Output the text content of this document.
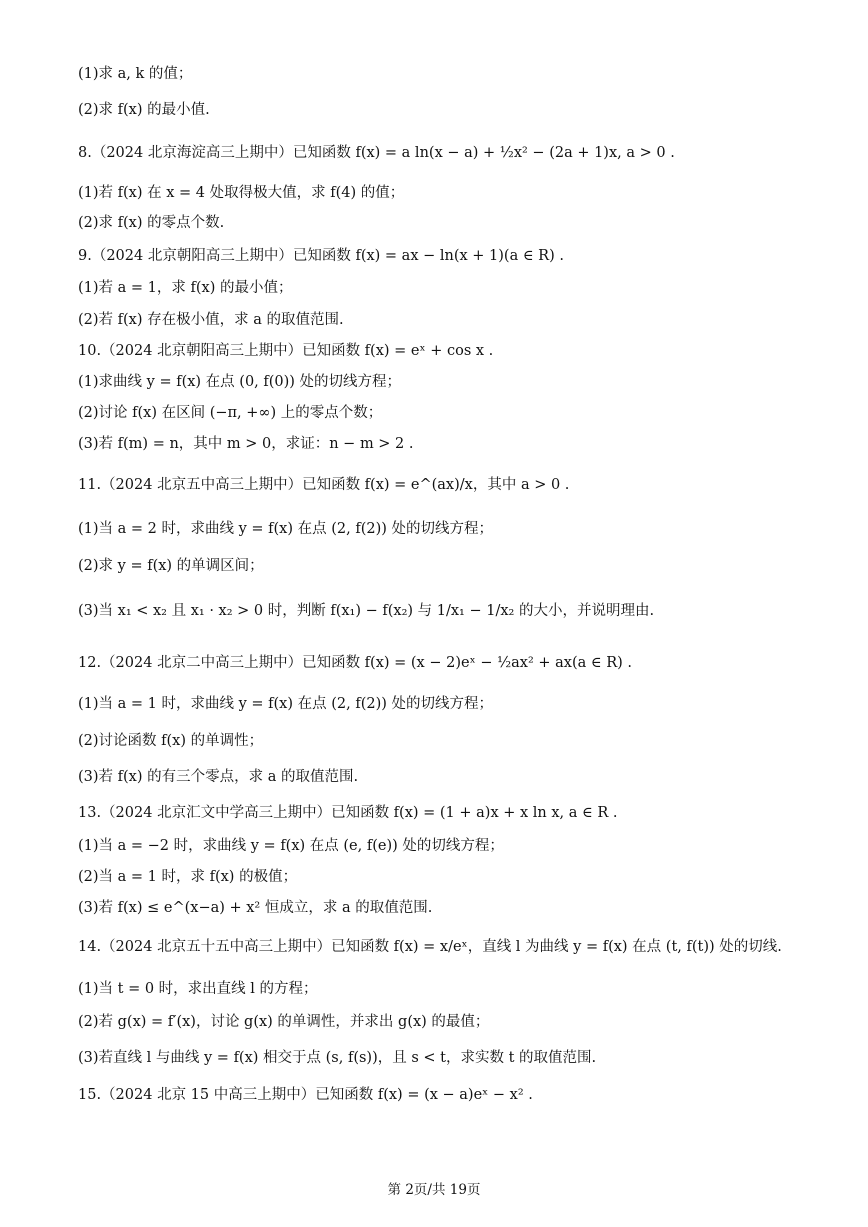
(1)求 a, k 的值；
(2)求 f(x) 的最小值.
8.（2024 北京海淀高三上期中）已知函数 f(x) = a ln(x − a) + ½x² − (2a + 1)x, a > 0 .
(1)若 f(x) 在 x = 4 处取得极大值，求 f(4) 的值；
(2)求 f(x) 的零点个数.
9.（2024 北京朝阳高三上期中）已知函数 f(x) = ax − ln(x + 1)(a ∈ R) .
(1)若 a = 1，求 f(x) 的最小值；
(2)若 f(x) 存在极小值，求 a 的取值范围.
10.（2024 北京朝阳高三上期中）已知函数 f(x) = eˣ + cos x .
(1)求曲线 y = f(x) 在点 (0, f(0)) 处的切线方程；
(2)讨论 f(x) 在区间 (−π, +∞) 上的零点个数；
(3)若 f(m) = n，其中 m > 0，求证：n − m > 2 .
11.（2024 北京五中高三上期中）已知函数 f(x) = e^(ax)/x，其中 a > 0 .
(1)当 a = 2 时，求曲线 y = f(x) 在点 (2, f(2)) 处的切线方程；
(2)求 y = f(x) 的单调区间；
(3)当 x₁ < x₂ 且 x₁ · x₂ > 0 时，判断 f(x₁) − f(x₂) 与 1/x₁ − 1/x₂ 的大小，并说明理由.
12.（2024 北京二中高三上期中）已知函数 f(x) = (x − 2)eˣ − ½ax² + ax(a ∈ R) .
(1)当 a = 1 时，求曲线 y = f(x) 在点 (2, f(2)) 处的切线方程；
(2)讨论函数 f(x) 的单调性；
(3)若 f(x) 的有三个零点，求 a 的取值范围.
13.（2024 北京汇文中学高三上期中）已知函数 f(x) = (1 + a)x + x ln x, a ∈ R .
(1)当 a = −2 时，求曲线 y = f(x) 在点 (e, f(e)) 处的切线方程；
(2)当 a = 1 时，求 f(x) 的极值；
(3)若 f(x) ≤ e^(x−a) + x² 恒成立，求 a 的取值范围.
14.（2024 北京五十五中高三上期中）已知函数 f(x) = x/eˣ，直线 l 为曲线 y = f(x) 在点 (t, f(t)) 处的切线.
(1)当 t = 0 时，求出直线 l 的方程；
(2)若 g(x) = f′(x)，讨论 g(x) 的单调性，并求出 g(x) 的最值；
(3)若直线 l 与曲线 y = f(x) 相交于点 (s, f(s))，且 s < t，求实数 t 的取值范围.
15.（2024 北京 15 中高三上期中）已知函数 f(x) = (x − a)eˣ − x² .
第 2页/共 19页
